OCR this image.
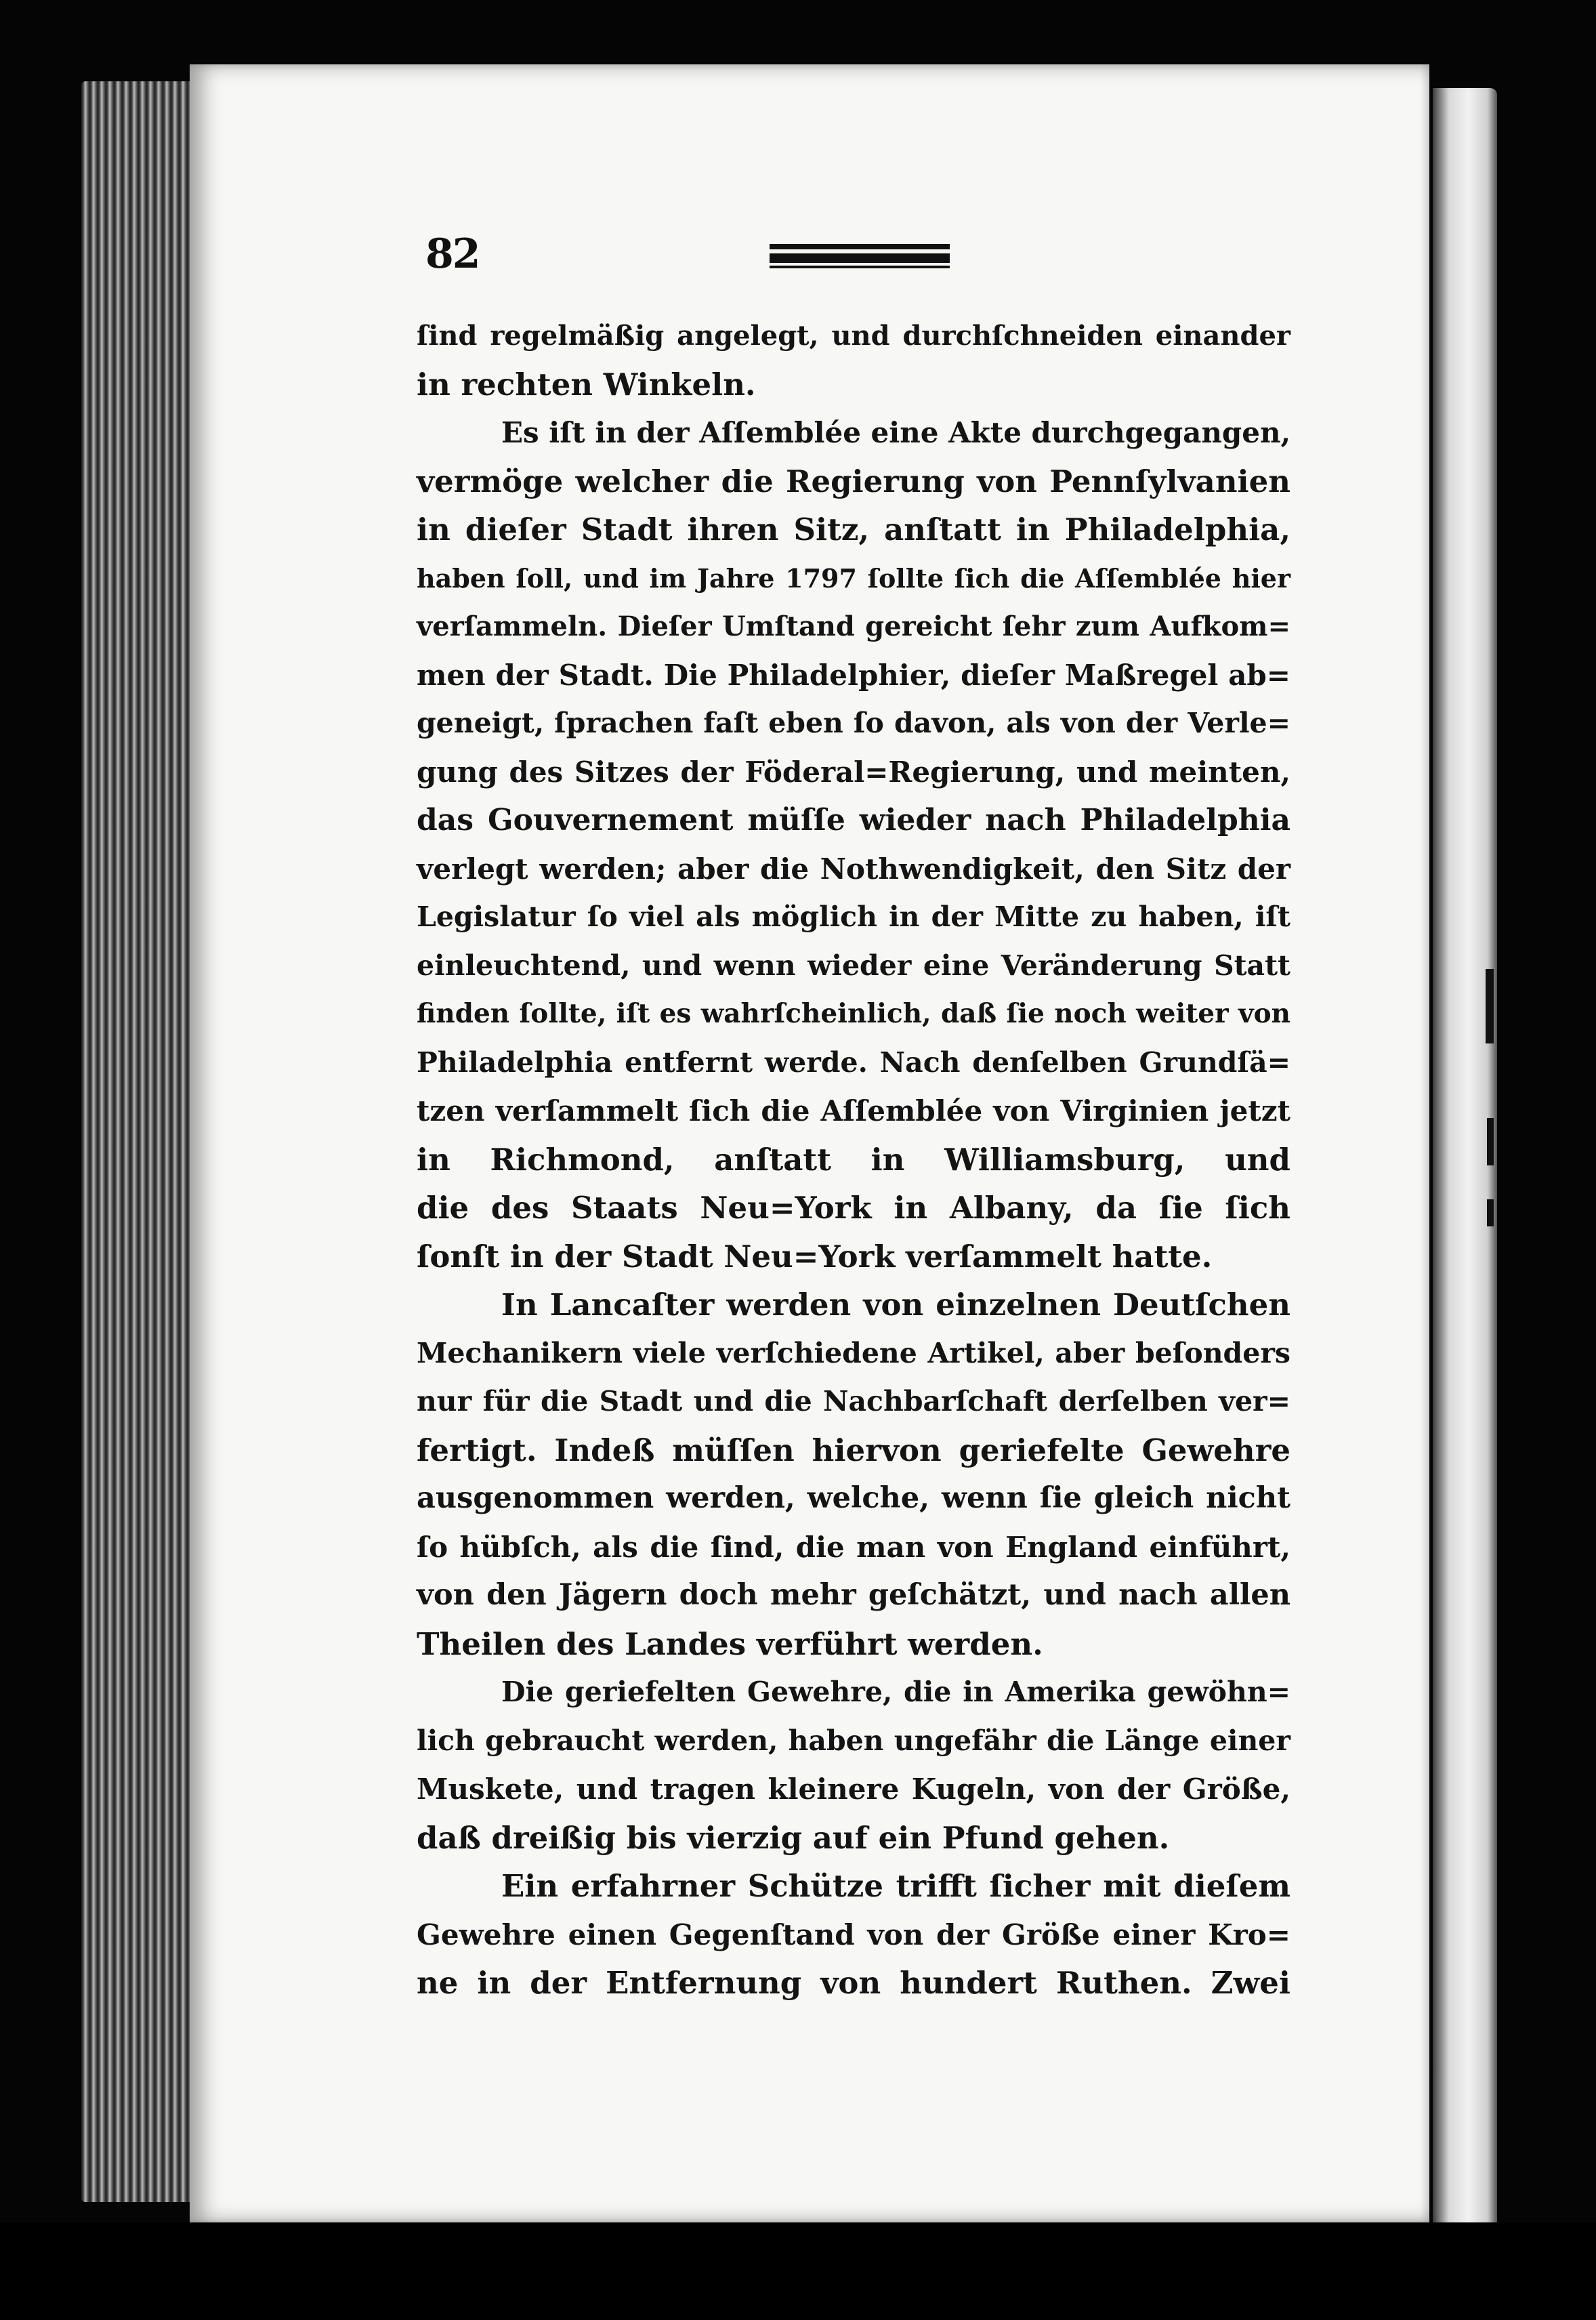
82
ſind regelmäßig angelegt, und durchſchneiden einander
in rechten Winkeln.
Es iſt in der Aſſemblée eine Akte durchgegangen,
vermöge welcher die Regierung von Pennſylvanien
in dieſer Stadt ihren Sitz, anſtatt in Philadelphia,
haben ſoll, und im Jahre 1797 ſollte ſich die Aſſemblée hier
verſammeln. Dieſer Umſtand gereicht ſehr zum Aufkom=
men der Stadt. Die Philadelphier, dieſer Maßregel ab=
geneigt, ſprachen faſt eben ſo davon, als von der Verle=
gung des Sitzes der Föderal=Regierung, und meinten,
das Gouvernement müſſe wieder nach Philadelphia
verlegt werden; aber die Nothwendigkeit, den Sitz der
Legislatur ſo viel als möglich in der Mitte zu haben, iſt
einleuchtend, und wenn wieder eine Veränderung Statt
finden ſollte, iſt es wahrſcheinlich, daß ſie noch weiter von
Philadelphia entfernt werde. Nach denſelben Grundſä=
tzen verſammelt ſich die Aſſemblée von Virginien jetzt
in Richmond, anſtatt in Williamsburg, und
die des Staats Neu=York in Albany, da ſie ſich
ſonſt in der Stadt Neu=York verſammelt hatte.
In Lancaſter werden von einzelnen Deutſchen
Mechanikern viele verſchiedene Artikel, aber beſonders
nur für die Stadt und die Nachbarſchaft derſelben ver=
fertigt. Indeß müſſen hiervon geriefelte Gewehre
ausgenommen werden, welche, wenn ſie gleich nicht
ſo hübſch, als die ſind, die man von England einführt,
von den Jägern doch mehr geſchätzt, und nach allen
Theilen des Landes verführt werden.
Die geriefelten Gewehre, die in Amerika gewöhn=
lich gebraucht werden, haben ungefähr die Länge einer
Muskete, und tragen kleinere Kugeln, von der Größe,
daß dreißig bis vierzig auf ein Pfund gehen.
Ein erfahrner Schütze trifft ſicher mit dieſem
Gewehre einen Gegenſtand von der Größe einer Kro=
ne in der Entfernung von hundert Ruthen. Zwei
